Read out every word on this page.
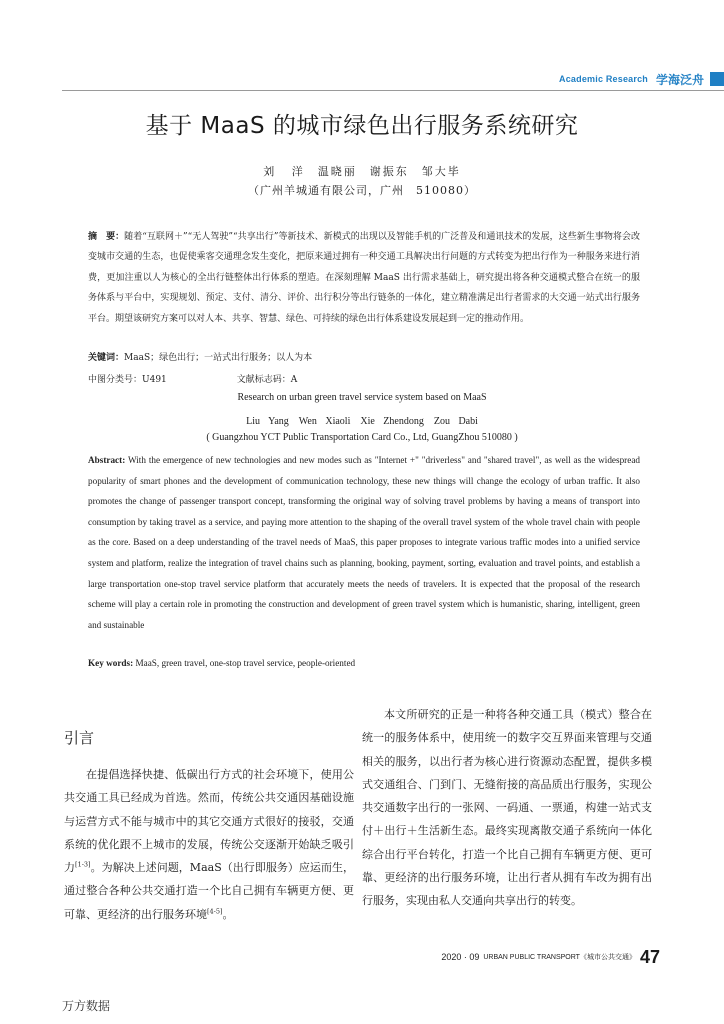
Academic Research 学海泛舟
基于 MaaS 的城市绿色出行服务系统研究
刘 洋　温晓丽　谢振东　邹大毕
（广州羊城通有限公司，广州　510080）
摘　要：随着“互联网＋”“无人驾驶”“共享出行”等新技术、新模式的出现以及智能手机的广泛普及和通讯技术的发展，这些新生事物将会改变城市交通的生态，也促使乘客交通理念发生变化，把原来通过拥有一种交通工具解决出行问题的方式转变为把出行作为一种服务来进行消费，更加注重以人为核心的全出行链整体出行体系的塑造。在深刻理解 MaaS 出行需求基础上，研究提出将各种交通模式整合在统一的服务体系与平台中，实现规划、预定、支付、清分、评价、出行积分等出行链条的一体化，建立精准满足出行者需求的大交通一站式出行服务平台。期望该研究方案可以对人本、共享、智慧、绿色、可持续的绿色出行体系建设发展起到一定的推动作用。
关键词：MaaS；绿色出行；一站式出行服务；以人为本
中图分类号：U491	文献标志码：A
Research on urban green travel service system based on MaaS
Liu Yang　Wen Xiaoli　Xie Zhendong　Zou Dabi
( Guangzhou YCT Public Transportation Card Co., Ltd, GuangZhou 510080 )
Abstract: With the emergence of new technologies and new modes such as "Internet +" "driverless" and "shared travel", as well as the widespread popularity of smart phones and the development of communication technology, these new things will change the ecology of urban traffic. It also promotes the change of passenger transport concept, transforming the original way of solving travel problems by having a means of transport into consumption by taking travel as a service, and paying more attention to the shaping of the overall travel system of the whole travel chain with people as the core. Based on a deep understanding of the travel needs of MaaS, this paper proposes to integrate various traffic modes into a unified service system and platform, realize the integration of travel chains such as planning, booking, payment, sorting, evaluation and travel points, and establish a large transportation one-stop travel service platform that accurately meets the needs of travelers. It is expected that the proposal of the research scheme will play a certain role in promoting the construction and development of green travel system which is humanistic, sharing, intelligent, green and sustainable
Key words: MaaS, green travel, one-stop travel service, people-oriented
引言
在提倡选择快捷、低碳出行方式的社会环境下，使用公共交通工具已经成为首选。然而，传统公共交通因基础设施与运营方式不能与城市中的其它交通方式很好的接驳，交通系统的优化跟不上城市的发展，传统公交逐渐开始缺乏吸引力[1-3]。为解决上述问题，MaaS（出行即服务）应运而生，通过整合各种公共交通打造一个比自己拥有车辆更方便、更可靠、更经济的出行服务环境[4-5]。
本文所研究的正是一种将各种交通工具（模式）整合在统一的服务体系中，使用统一的数字交互界面来管理与交通相关的服务，以出行者为核心进行资源动态配置，提供多模式交通组合、门到门、无缝衔接的高品质出行服务，实现公共交通数字出行的一张网、一码通、一票通，构建一站式支付＋出行＋生活新生态。最终实现离散交通子系统向一体化综合出行平台转化，打造一个比自己拥有车辆更方便、更可靠、更经济的出行服务环境，让出行者从拥有车改为拥有出行服务，实现由私人交通向共享出行的转变。
2020 · 09 URBAN PUBLIC TRANSPORT《城市公共交通》 47
万方数据
